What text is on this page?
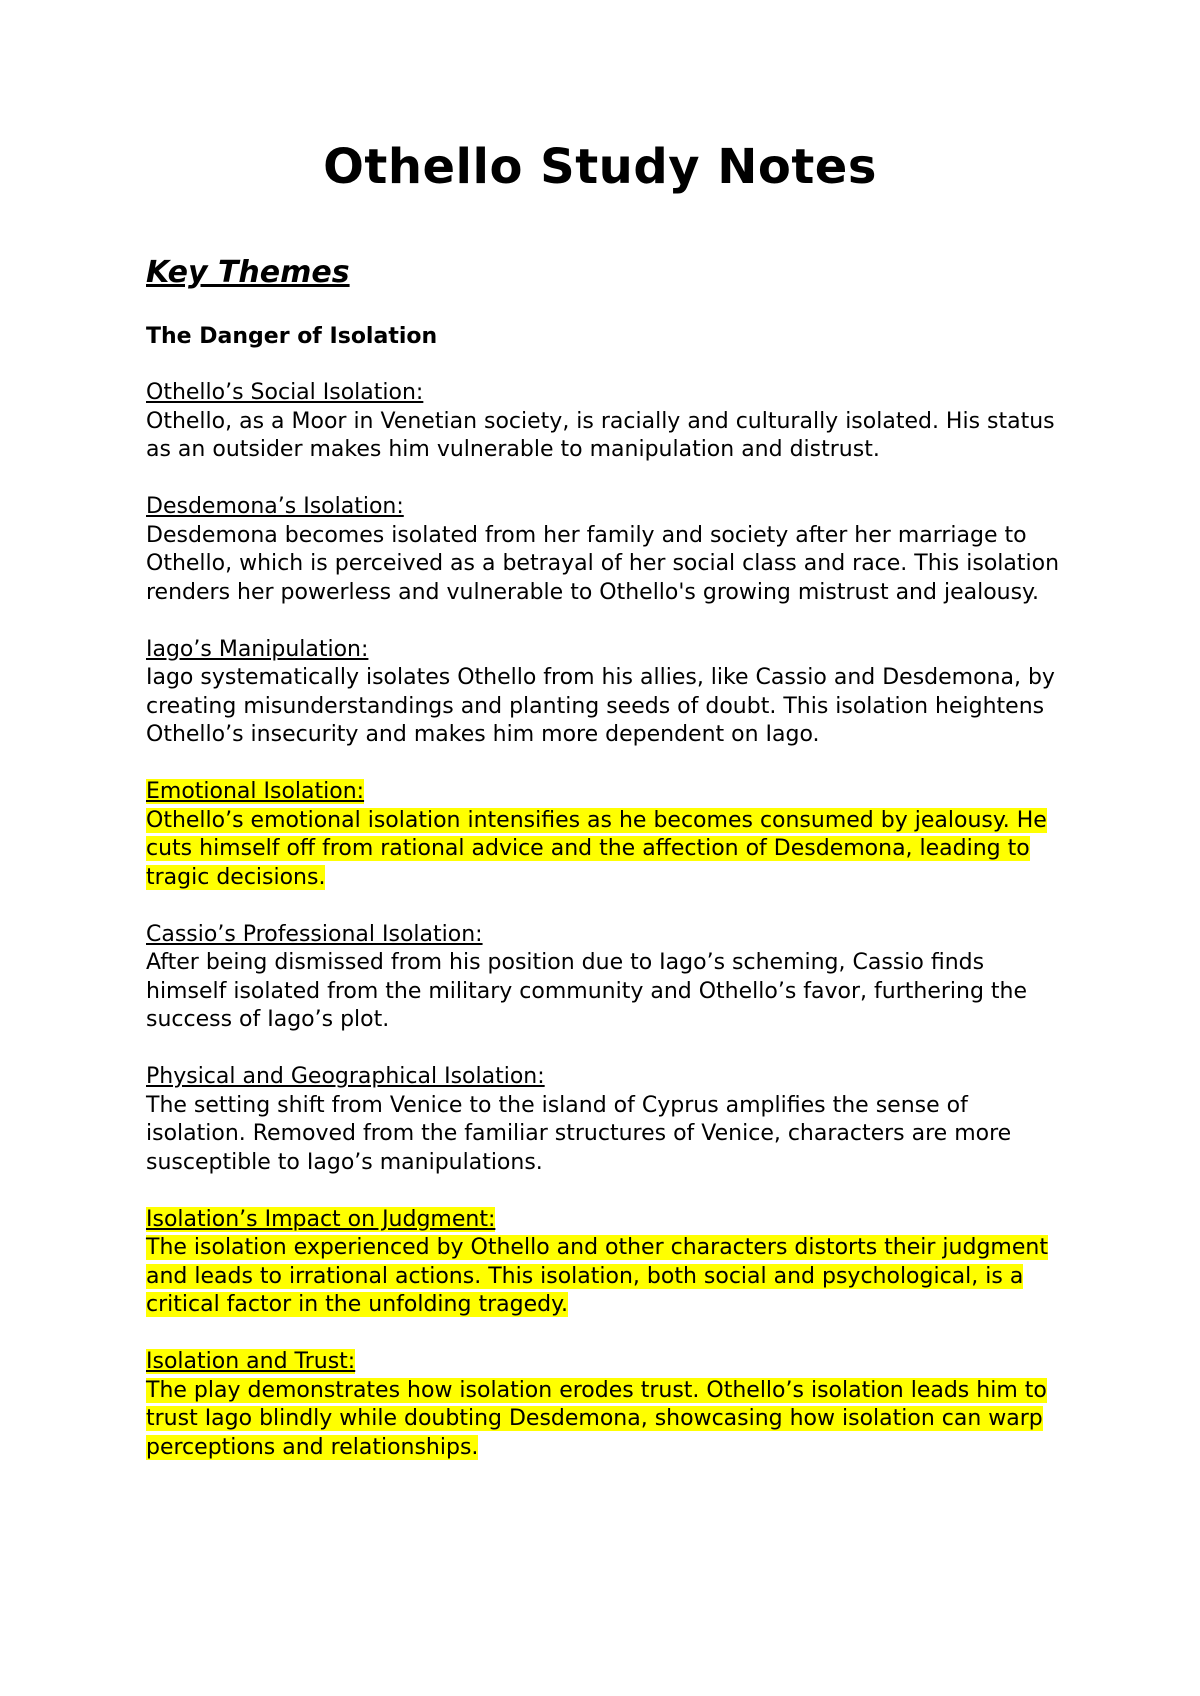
Othello Study Notes
Key Themes
The Danger of Isolation
Othello’s Social Isolation:
Othello, as a Moor in Venetian society, is racially and culturally isolated. His status as an outsider makes him vulnerable to manipulation and distrust.
Desdemona’s Isolation:
Desdemona becomes isolated from her family and society after her marriage to Othello, which is perceived as a betrayal of her social class and race. This isolation renders her powerless and vulnerable to Othello's growing mistrust and jealousy.
Iago’s Manipulation:
Iago systematically isolates Othello from his allies, like Cassio and Desdemona, by creating misunderstandings and planting seeds of doubt. This isolation heightens Othello’s insecurity and makes him more dependent on Iago.
Emotional Isolation:
Othello’s emotional isolation intensifies as he becomes consumed by jealousy. He cuts himself off from rational advice and the affection of Desdemona, leading to tragic decisions.
Cassio’s Professional Isolation:
After being dismissed from his position due to Iago’s scheming, Cassio finds himself isolated from the military community and Othello’s favor, furthering the success of Iago’s plot.
Physical and Geographical Isolation:
The setting shift from Venice to the island of Cyprus amplifies the sense of isolation. Removed from the familiar structures of Venice, characters are more susceptible to Iago’s manipulations.
Isolation’s Impact on Judgment:
The isolation experienced by Othello and other characters distorts their judgment and leads to irrational actions. This isolation, both social and psychological, is a critical factor in the unfolding tragedy.
Isolation and Trust:
The play demonstrates how isolation erodes trust. Othello’s isolation leads him to trust Iago blindly while doubting Desdemona, showcasing how isolation can warp perceptions and relationships.
